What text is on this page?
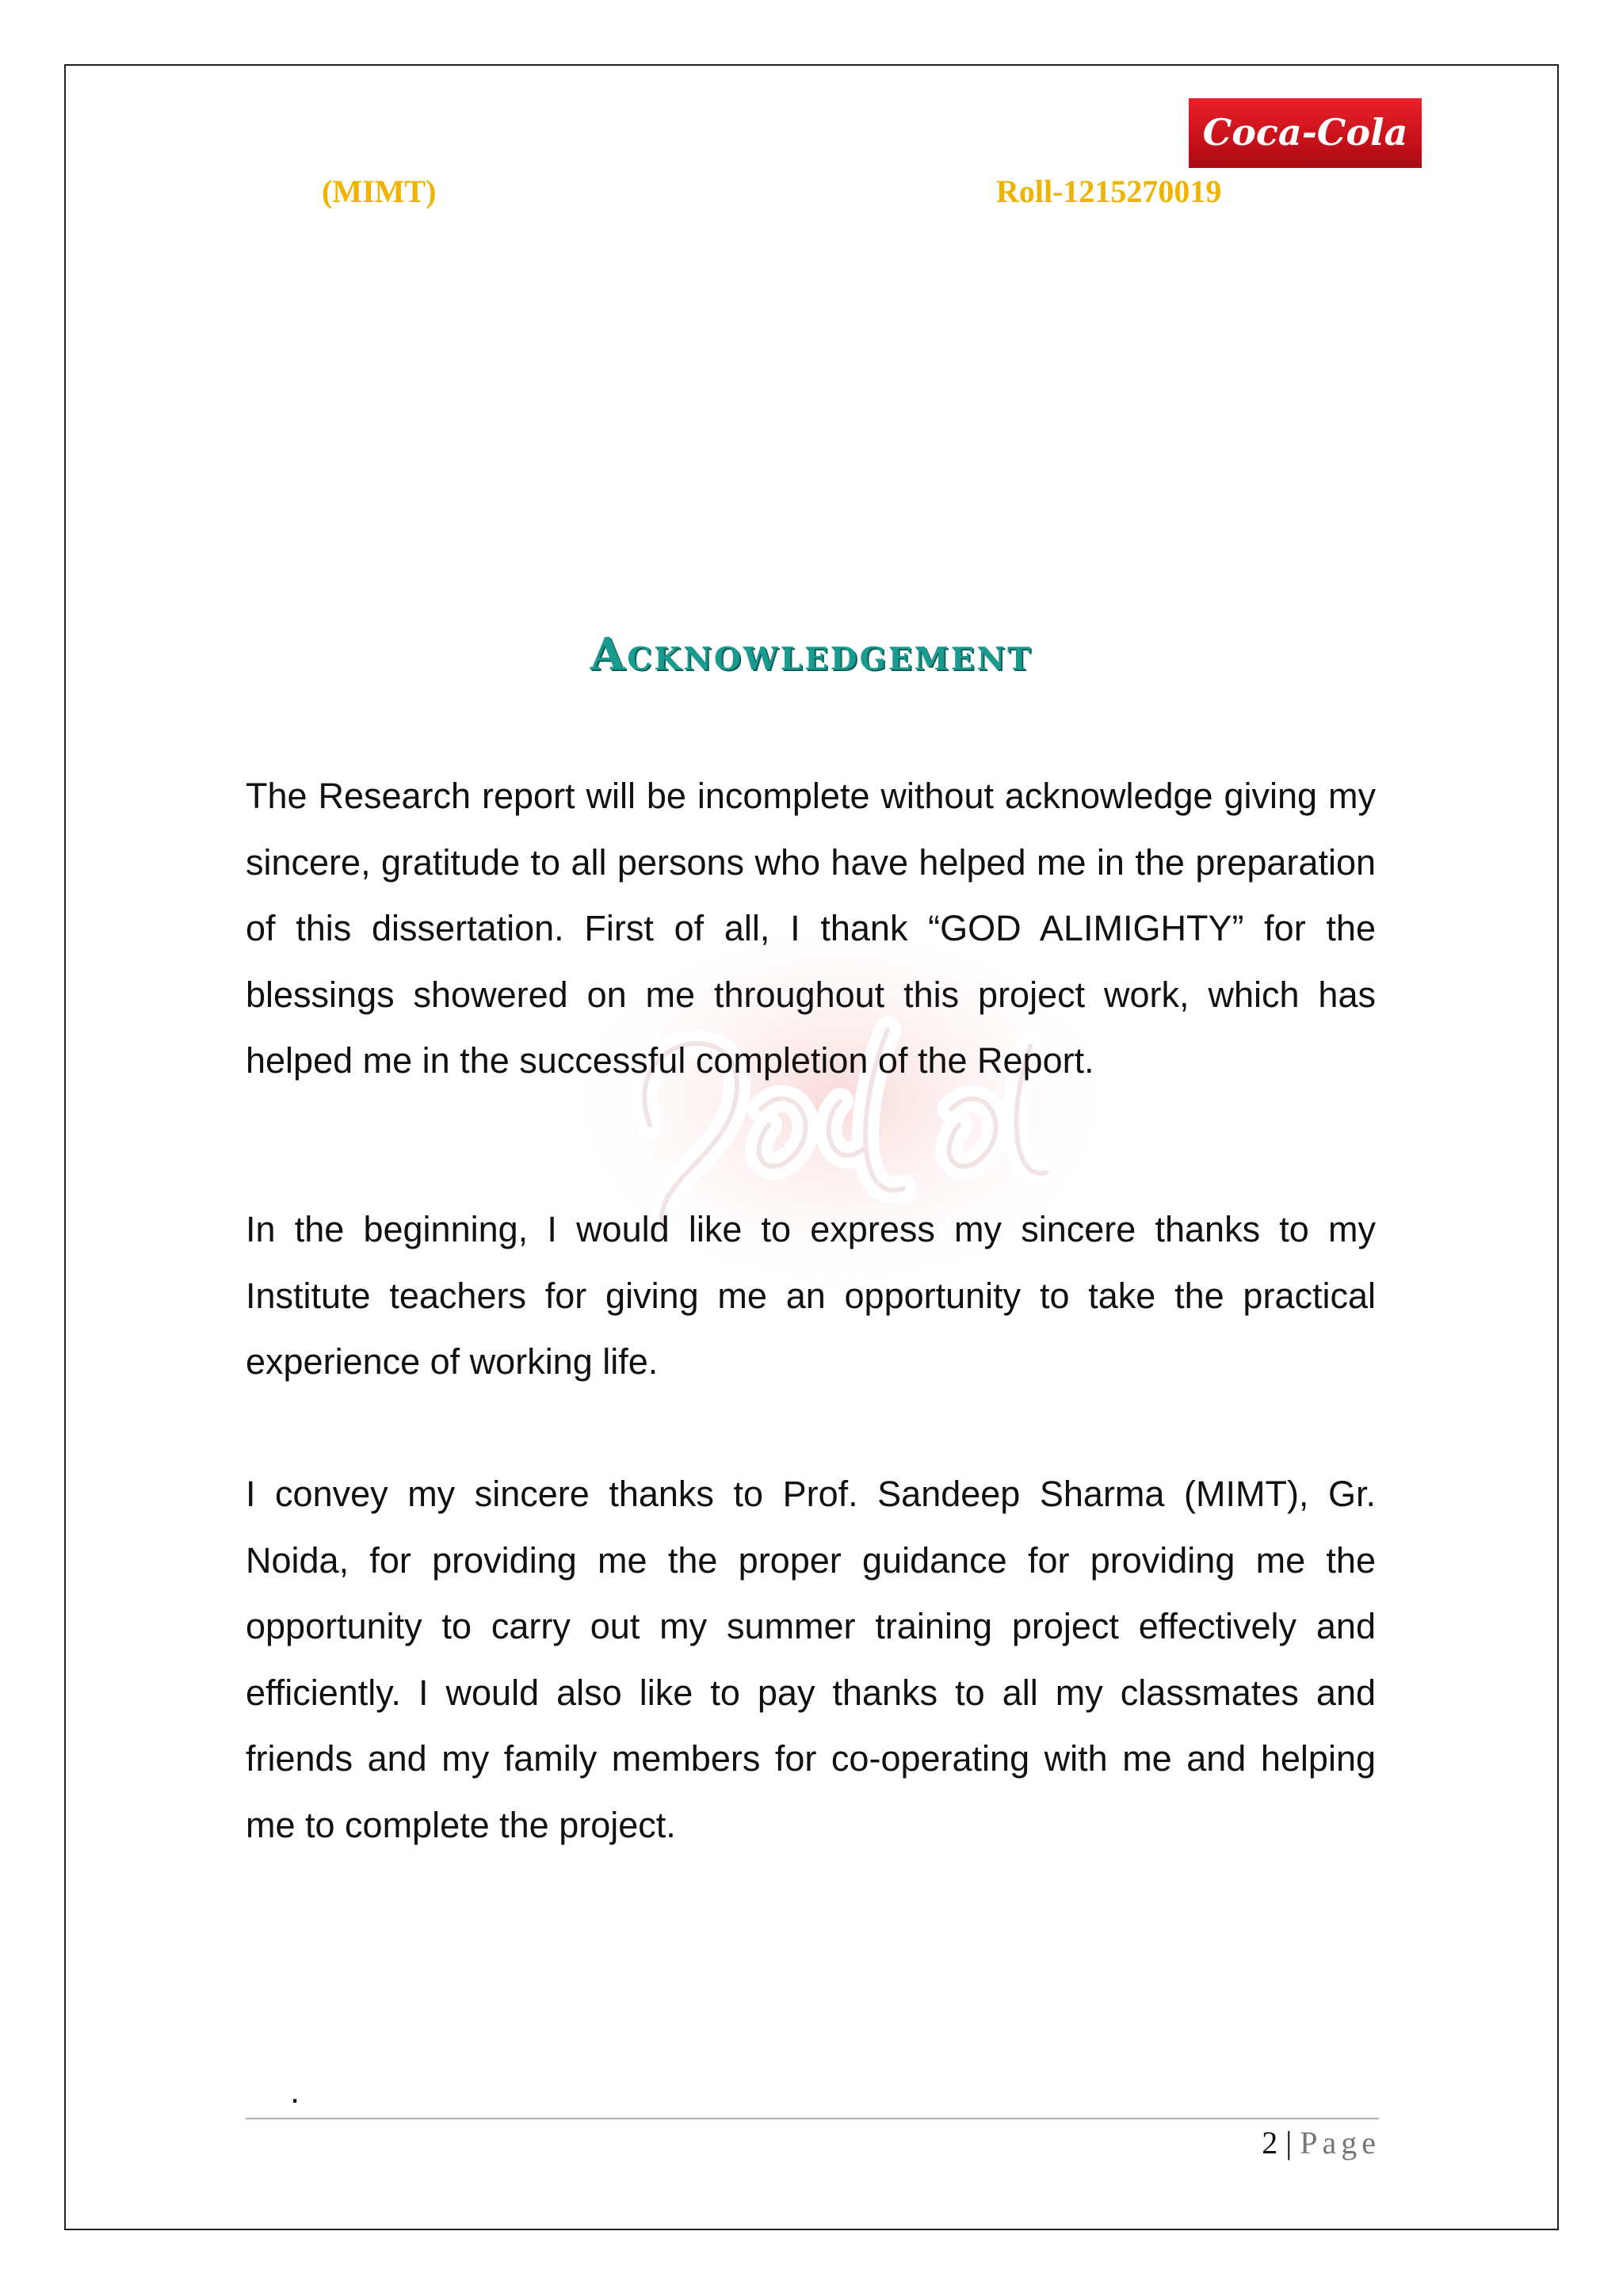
Coca-Cola
(MIMT)	Roll-1215270019
Acknowledgement

The Research report will be incomplete without acknowledge giving my sincere, gratitude to all persons who have helped me in the preparation of this dissertation. First of all, I thank “GOD ALIMIGHTY” for the blessings showered on me throughout this project work, which has helped me in the successful completion of the Report.

In the beginning, I would like to express my sincere thanks to my Institute teachers for giving me an opportunity to take the practical experience of working life.

I convey my sincere thanks to Prof. Sandeep Sharma (MIMT), Gr. Noida, for providing me the proper guidance for providing me the opportunity to carry out my summer training project effectively and efficiently. I would also like to pay thanks to all my classmates and friends and my family members for co-operating with me and helping me to complete the project.

.
2 | Page
